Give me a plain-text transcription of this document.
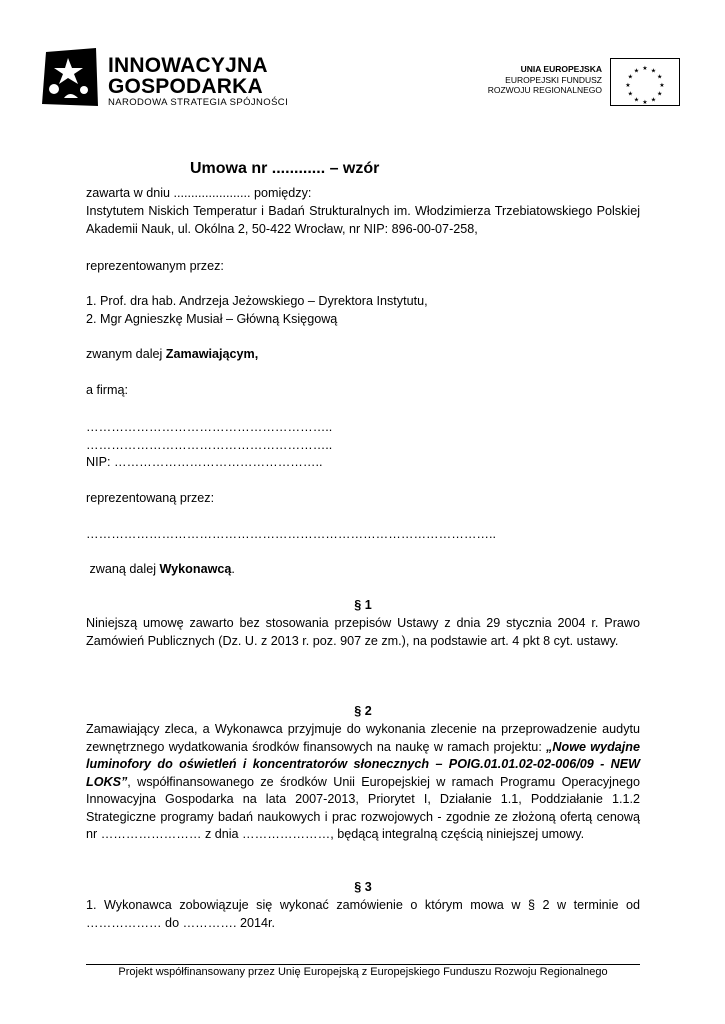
INNOWACYJNA
GOSPODARKA
NARODOWA STRATEGIA SPÓJNOŚCI
UNIA EUROPEJSKA
EUROPEJSKI FUNDUSZ
ROZWOJU REGIONALNEGO
★ ★
★
★
★
★
★
★
★
★
★
★
Umowa nr ............ – wzór
zawarta w dniu ...................... pomiędzy:
Instytutem Niskich Temperatur i Badań Strukturalnych im. Włodzimierza Trzebiatowskiego Polskiej Akademii Nauk, ul. Okólna 2, 50-422 Wrocław, nr NIP: 896-00-07-258,
reprezentowanym przez:
1. Prof. dra hab. Andrzeja Jeżowskiego – Dyrektora Instytutu,
2. Mgr Agnieszkę Musiał – Główną Księgową
zwanym dalej Zamawiającym,
a firmą:
…………………………………………………..
…………………………………………………..
NIP: …………………………………………..
reprezentowaną przez:
……………………………………………………………………………………..
zwaną dalej Wykonawcą.
§ 1
Niniejszą umowę zawarto bez stosowania przepisów Ustawy z dnia 29 stycznia 2004 r. Prawo Zamówień Publicznych (Dz. U. z 2013 r. poz. 907 ze zm.), na podstawie art. 4 pkt 8 cyt. ustawy.
§ 2
Zamawiający zleca, a Wykonawca przyjmuje do wykonania zlecenie na przeprowadzenie audytu zewnętrznego wydatkowania środków finansowych na naukę w ramach projektu: „Nowe wydajne luminofory do oświetleń i koncentratorów słonecznych – POIG.01.01.02-02-006/09 - NEW LOKS”, współfinansowanego ze środków Unii Europejskiej w ramach Programu Operacyjnego Innowacyjna Gospodarka na lata 2007-2013, Priorytet I, Działanie 1.1, Poddziałanie 1.1.2 Strategiczne programy badań naukowych i prac rozwojowych - zgodnie ze złożoną ofertą cenową nr …………………… z dnia …………………, będącą integralną częścią niniejszej umowy.
§ 3
1. Wykonawca zobowiązuje się wykonać zamówienie o którym mowa w § 2 w terminie od ……………… do …………. 2014r.
Projekt współfinansowany przez Unię Europejską z Europejskiego Funduszu Rozwoju Regionalnego
